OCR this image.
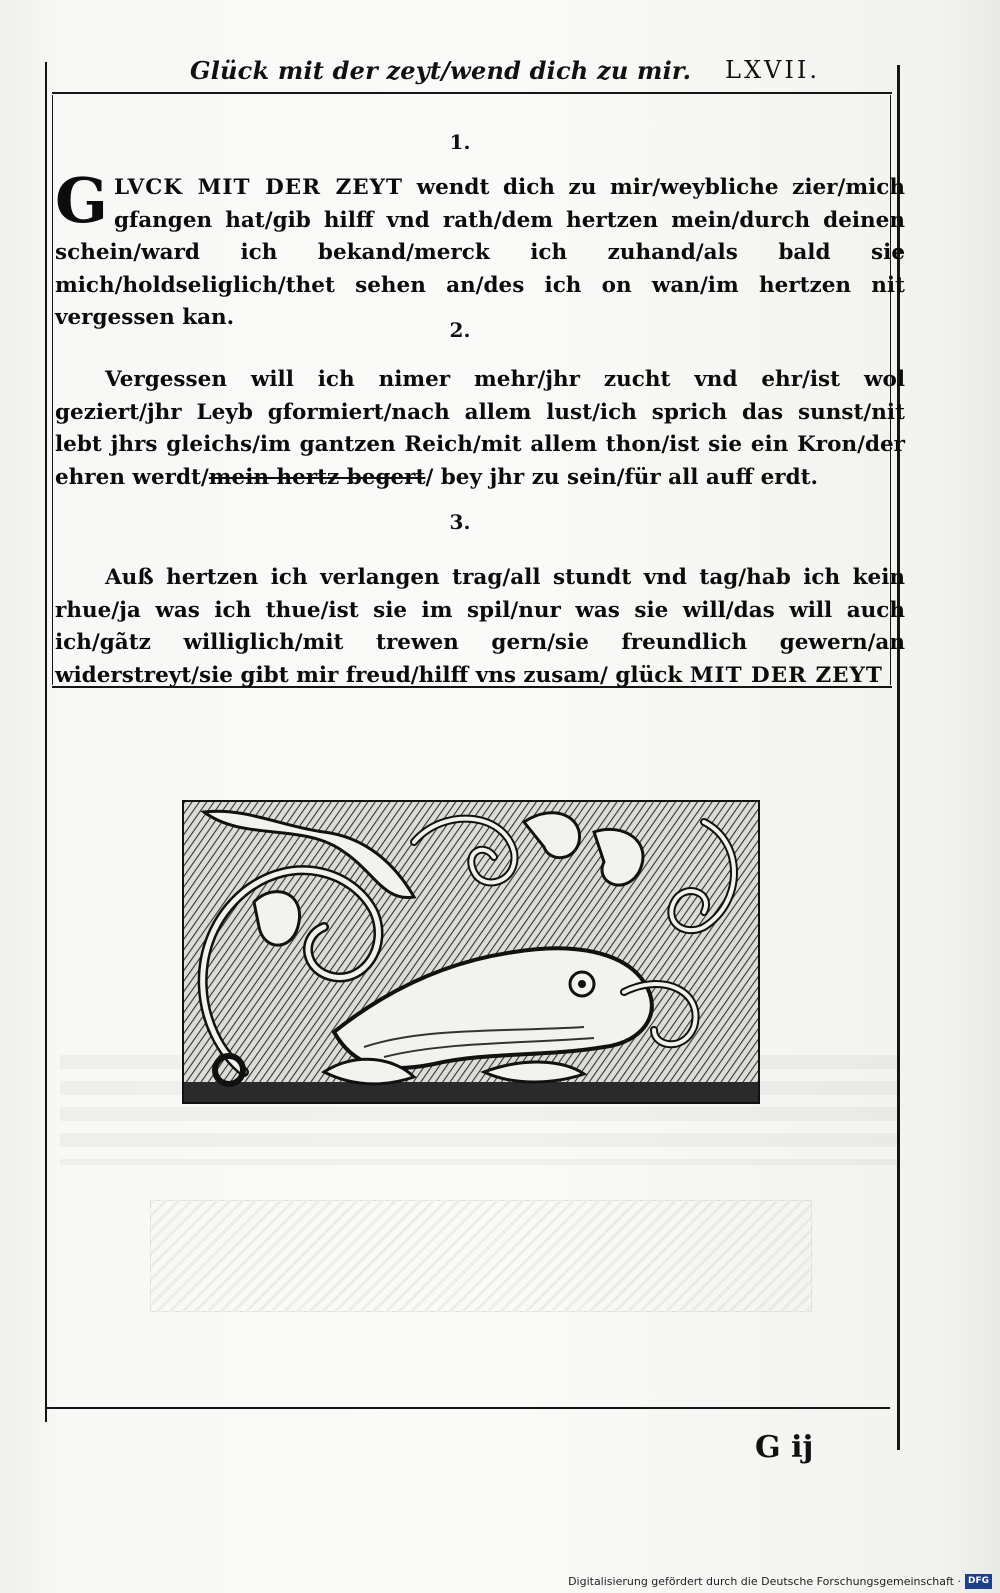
Glück mit der zeyt/wend dich zu mir. LXVII.
1.
GLVCK MIT DER ZEYT wendt dich zu mir/weybliche zier/mich gfangen hat/gib hilff vnd rath/dem hertzen mein/durch deinen schein/ward ich bekand/merck ich zuhand/als bald sie mich/holdseliglich/thet sehen an/des ich on wan/im hertzen nit vergessen kan.	2.
Vergessen will ich nimer mehr/jhr zucht vnd ehr/ist wol geziert/jhr Leyb gformiert/nach allem lust/ich sprich das sunst/nit lebt jhrs gleichs/im gantzen Reich/mit allem thon/ist sie ein Kron/der ehren werdt/mein hertz begert/ bey jhr zu sein/für all auff erdt.
3.
Auß hertzen ich verlangen trag/all stundt vnd tag/hab ich kein rhue/ja was ich thue/ist sie im spil/nur was sie will/das will auch ich/gãtz williglich/mit trewen gern/sie freundlich gewern/an widerstreyt/sie gibt mir freud/hilff vns zusam/ glück MIT DER ZEYT
G ij
Digitalisierung gefördert durch die Deutsche Forschungsgemeinschaft · DFG
